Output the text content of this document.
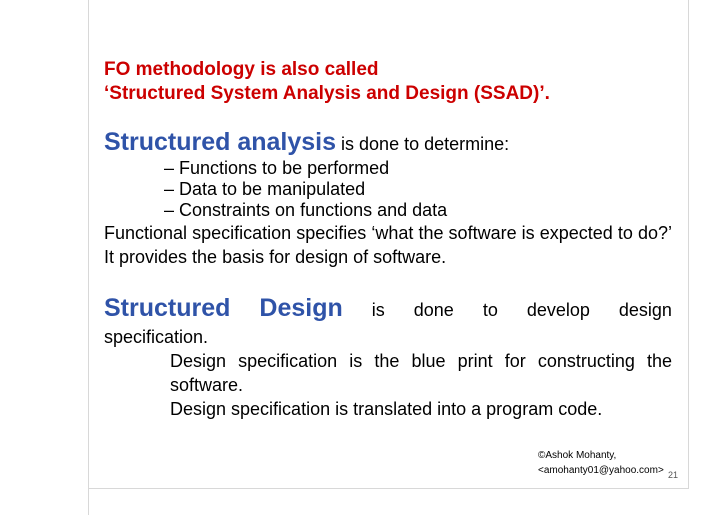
FO methodology is also called

‘Structured System Analysis and Design (SSAD)’.

Structured analysis is done to determine:

– Functions to be performed

– Data to be manipulated

– Constraints on functions and data

Functional specification specifies ‘what the software is expected to do?’ It provides the basis for design of software.

Structured Design is done to develop design

specification.

Design specification is the blue print for constructing the software.

Design specification is translated into a program code.

©Ashok Mohanty,
<amohanty01@yahoo.com> 21
